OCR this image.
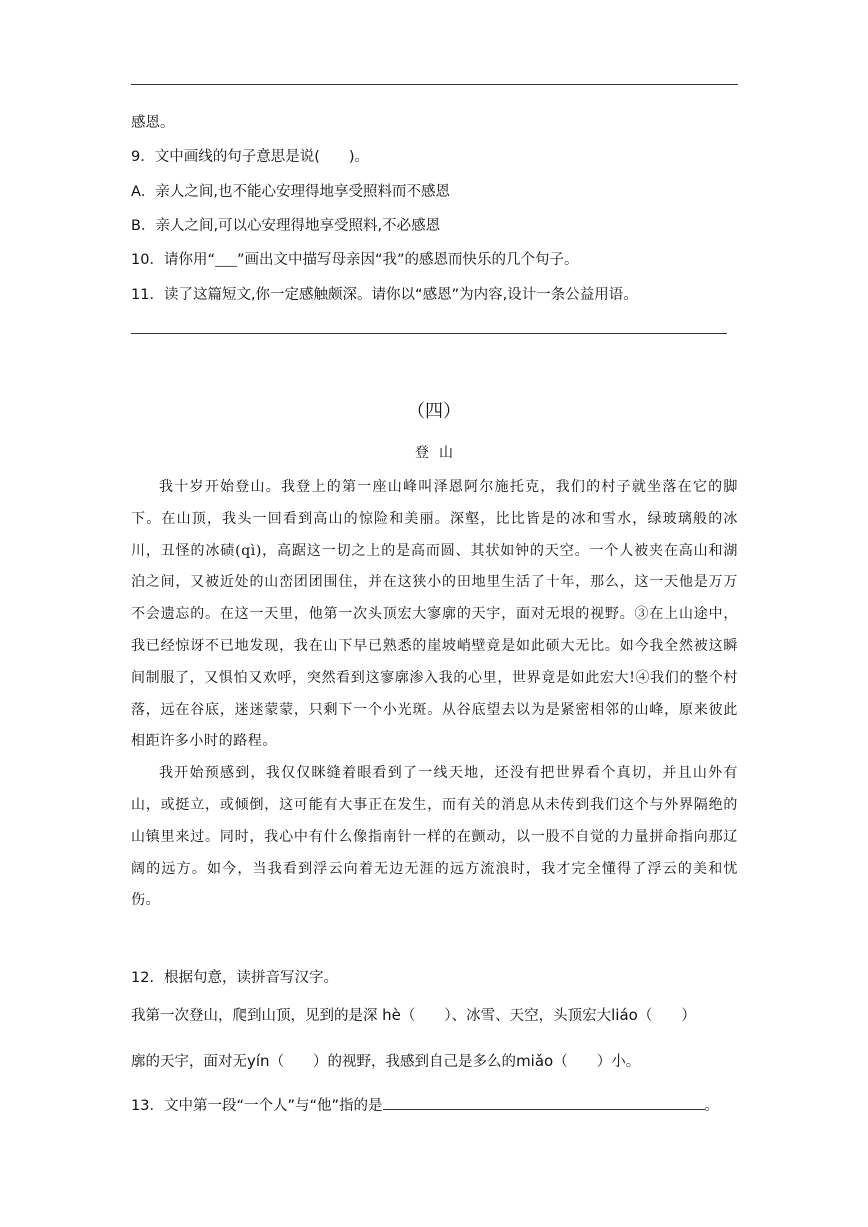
感恩。
9．文中画线的句子意思是说(　　)。
A．亲人之间,也不能心安理得地享受照料而不感恩
B．亲人之间,可以心安理得地享受照料,不必感恩
10．请你用“____”画出文中描写母亲因“我”的感恩而快乐的几个句子。
11．读了这篇短文,你一定感触颇深。请你以“感恩”为内容,设计一条公益用语。
（四）
登山

我十岁开始登山。我登上的第一座山峰叫泽恩阿尔施托克，我们的村子就坐落在它的脚下。在山顶，我头一回看到高山的惊险和美丽。深壑，比比皆是的冰和雪水，绿玻璃般的冰川，丑怪的冰碛(qì)，高踞这一切之上的是高而圆、其状如钟的天空。一个人被夹在高山和湖泊之间，又被近处的山峦团团围住，并在这狭小的田地里生活了十年，那么，这一天他是万万不会遗忘的。在这一天里，他第一次头顶宏大寥廓的天宇，面对无垠的视野。③在上山途中，我已经惊讶不已地发现，我在山下早已熟悉的崖坡峭壁竟是如此硕大无比。如今我全然被这瞬间制服了，又惧怕又欢呼，突然看到这寥廓渗入我的心里，世界竟是如此宏大!④我们的整个村落，远在谷底，迷迷蒙蒙，只剩下一个小光斑。从谷底望去以为是紧密相邻的山峰，原来彼此相距许多小时的路程。

我开始预感到，我仅仅眯缝着眼看到了一线天地，还没有把世界看个真切，并且山外有山，或挺立，或倾倒，这可能有大事正在发生，而有关的消息从未传到我们这个与外界隔绝的山镇里来过。同时，我心中有什么像指南针一样的在颤动，以一股不自觉的力量拼命指向那辽阔的远方。如今，当我看到浮云向着无边无涯的远方流浪时，我才完全懂得了浮云的美和忧伤。

12．根据句意，读拼音写汉字。
我第一次登山，爬到山顶，见到的是深 hè（　　）、冰雪、天空，头顶宏大liáo（　　）
廓的天宇，面对无yín（　　）的视野，我感到自己是多么的miǎo（　　）小。
13．文中第一段“一个人”与“他”指的是	。
